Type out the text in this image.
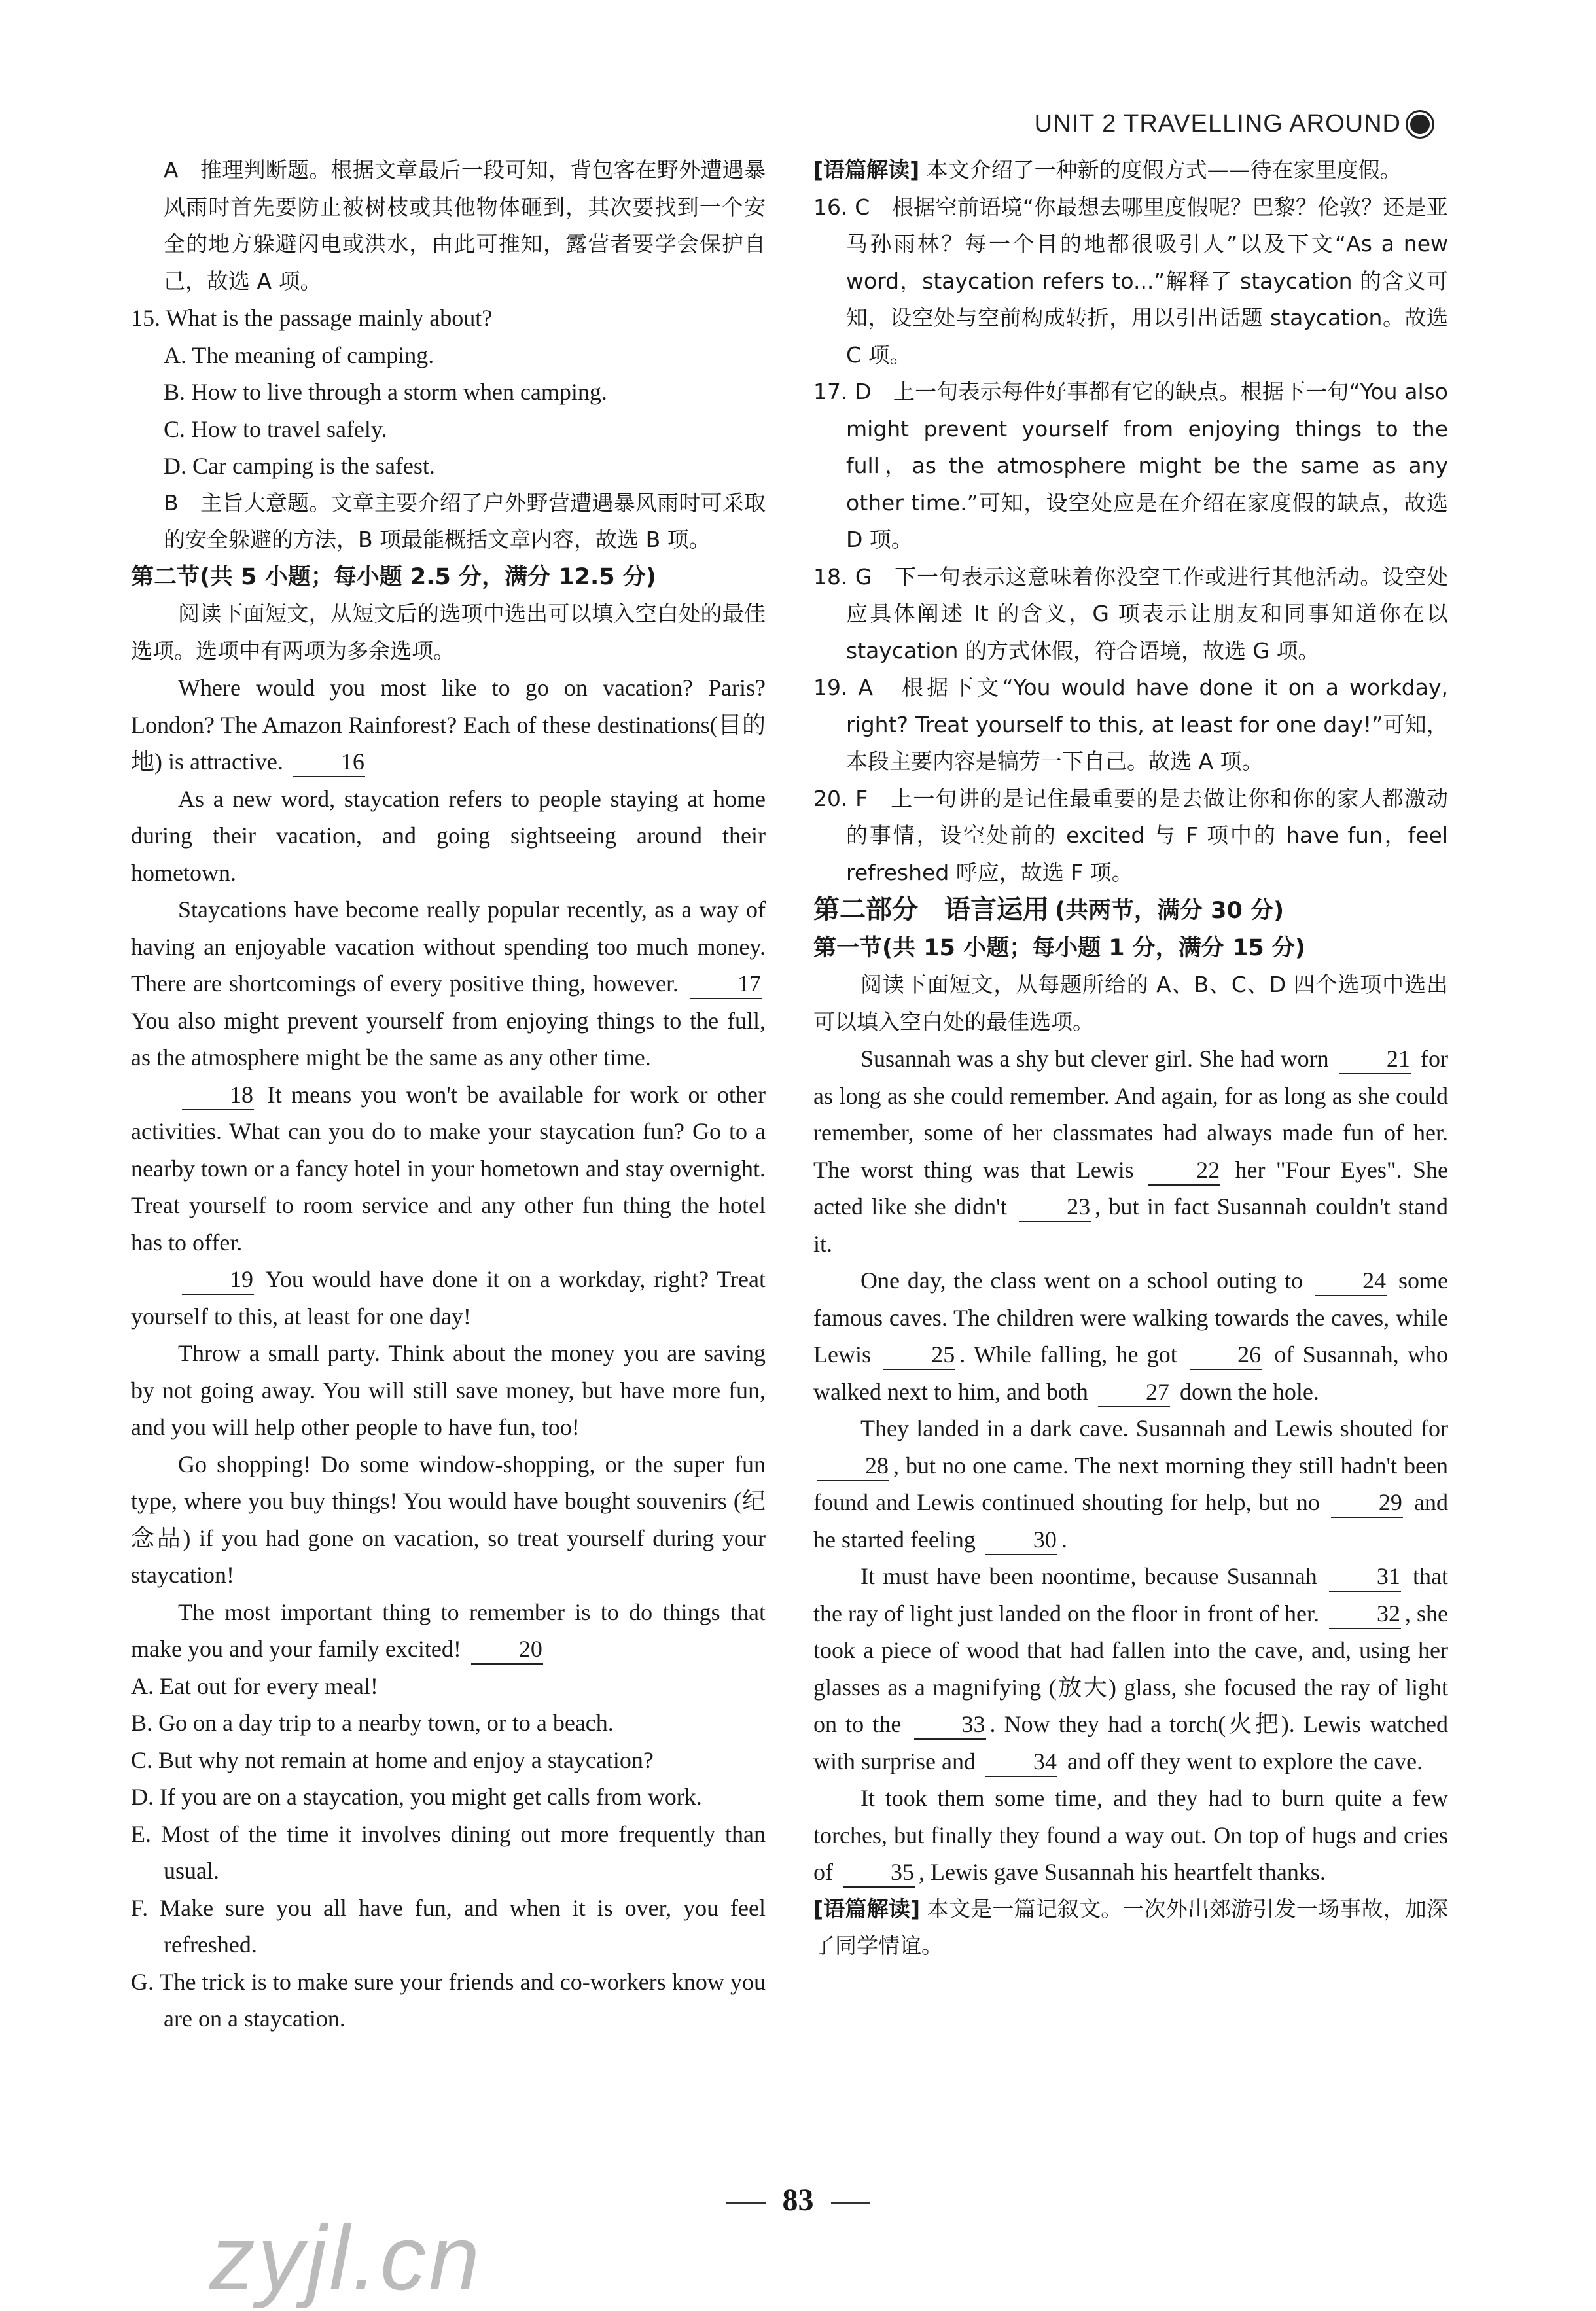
UNIT 2 TRAVELLING AROUND

A　推理判断题。根据文章最后一段可知，背包客在野外遭遇暴风雨时首先要防止被树枝或其他物体砸到，其次要找到一个安全的地方躲避闪电或洪水，由此可推知，露营者要学会保护自己，故选 A 项。

15. What is the passage mainly about?

A. The meaning of camping.

B. How to live through a storm when camping.

C. How to travel safely.

D. Car camping is the safest.

B　主旨大意题。文章主要介绍了户外野营遭遇暴风雨时可采取的安全躲避的方法，B 项最能概括文章内容，故选 B 项。

第二节(共 5 小题；每小题 2.5 分，满分 12.5 分)

阅读下面短文，从短文后的选项中选出可以填入空白处的最佳选项。选项中有两项为多余选项。

Where would you most like to go on vacation? Paris? London? The Amazon Rainforest? Each of these destinations(目的地) is attractive. 16

As a new word, staycation refers to people staying at home during their vacation, and going sightseeing around their hometown.

Staycations have become really popular recently, as a way of having an enjoyable vacation without spending too much money. There are shortcomings of every positive thing, however.	17 You also might prevent yourself from enjoying things to the full, as the atmosphere might be the same as any other time.

18 It means you won't be available for work or other activities. What can you do to make your staycation fun? Go to a nearby town or a fancy hotel in your hometown and stay overnight. Treat yourself to room service and any other fun thing the hotel has to offer.

19 You would have done it on a workday, right? Treat yourself to this, at least for one day!

Throw a small party. Think about the money you are saving by not going away. You will still save money, but have more fun, and you will help other people to have fun, too!

Go shopping! Do some window-shopping, or the super fun type, where you buy things! You would have bought souvenirs (纪念品) if you had gone on vacation, so treat yourself during your staycation!

The most important thing to remember is to do things that make you and your family excited! 20

A. Eat out for every meal!

B. Go on a day trip to a nearby town, or to a beach.

C. But why not remain at home and enjoy a staycation?

D. If you are on a staycation, you might get calls from work.

E. Most of the time it involves dining out more frequently than usual.

F. Make sure you all have fun, and when it is over, you feel refreshed.

G. The trick is to make sure your friends and co-workers know you are on a staycation.

[语篇解读] 本文介绍了一种新的度假方式——待在家里度假。

16. C　根据空前语境“你最想去哪里度假呢？巴黎？伦敦？还是亚马孙雨林？每一个目的地都很吸引人”以及下文“As a new word，staycation refers to...”解释了 staycation 的含义可知，设空处与空前构成转折，用以引出话题 staycation。故选 C 项。

17. D　上一句表示每件好事都有它的缺点。根据下一句“You also might prevent yourself from enjoying things to the full，as the atmosphere might be the same as any other time.”可知，设空处应是在介绍在家度假的缺点，故选 D 项。

18. G　下一句表示这意味着你没空工作或进行其他活动。设空处应具体阐述 It 的含义，G 项表示让朋友和同事知道你在以 staycation 的方式休假，符合语境，故选 G 项。

19. A　根据下文“You would have done it on a workday, right? Treat yourself to this, at least for one day!”可知，本段主要内容是犒劳一下自己。故选 A 项。

20. F　上一句讲的是记住最重要的是去做让你和你的家人都激动的事情，设空处前的 excited 与 F 项中的 have fun，feel refreshed 呼应，故选 F 项。

第二部分　语言运用 (共两节，满分 30 分)

第一节(共 15 小题；每小题 1 分，满分 15 分)

阅读下面短文，从每题所给的 A、B、C、D 四个选项中选出可以填入空白处的最佳选项。

Susannah was a shy but clever girl. She had worn 21 for as long as she could remember. And again, for as long as she could remember, some of her classmates had always made fun of her. The worst thing was that Lewis	22 her "Four Eyes". She acted like she didn't	23 , but in fact Susannah couldn't stand it.

One day, the class went on a school outing to	24 some famous caves. The children were walking towards the caves, while Lewis	25 . While falling, he got	26 of Susannah, who walked next to him, and both 27 down the hole.

They landed in a dark cave. Susannah and Lewis shouted for 28 , but no one came. The next morning they still hadn't been found and Lewis continued shouting for help, but no	29 and he started feeling 30 .

It must have been noontime, because Susannah	31 that the ray of light just landed on the floor in front of her. 32 , she took a piece of wood that had fallen into the cave, and, using her glasses as a magnifying (放大) glass, she focused the ray of light on to the	33 . Now they had a torch(火把). Lewis watched with surprise and 34 and off they went to explore the cave.

It took them some time, and they had to burn quite a few torches, but finally they found a way out. On top of hugs and cries of 35 , Lewis gave Susannah his heartfelt thanks.

[语篇解读] 本文是一篇记叙文。一次外出郊游引发一场事故，加深了同学情谊。

83
zyjl.cn
